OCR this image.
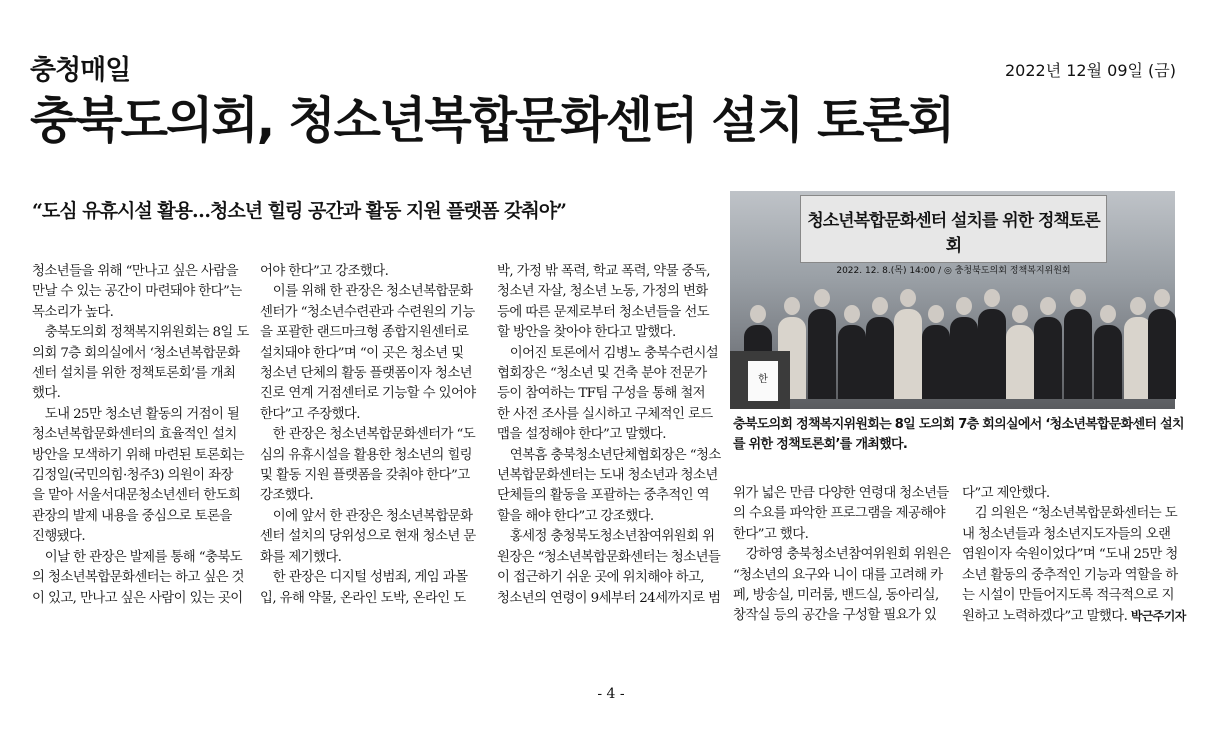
충청매일	2022년 12월 09일 (금)
충북도의회, 청소년복합문화센터 설치 토론회
“도심 유휴시설 활용…청소년 힐링 공간과 활동 지원 플랫폼 갖춰야”

청소년들을 위해 “만나고 싶은 사람을

만날 수 있는 공간이 마련돼야 한다”는

목소리가 높다.

　충북도의회 정책복지위원회는 8일 도

의회 7층 회의실에서 ‘청소년복합문화

센터 설치를 위한 정책토론회’를 개최

했다.

　도내 25만 청소년 활동의 거점이 될

청소년복합문화센터의 효율적인 설치

방안을 모색하기 위해 마련된 토론회는

김정일(국민의힘·청주3) 의원이 좌장

을 맡아 서울서대문청소년센터 한도희

관장의 발제 내용을 중심으로 토론을

진행됐다.

　이날 한 관장은 발제를 통해 “충북도

의 청소년복합문화센터는 하고 싶은 것

이 있고, 만나고 싶은 사람이 있는 곳이

어야 한다”고 강조했다.

　이를 위해 한 관장은 청소년복합문화

센터가 “청소년수련관과 수련원의 기능

을 포괄한 랜드마크형 종합지원센터로

설치돼야 한다”며 “이 곳은 청소년 및

청소년 단체의 활동 플랫폼이자 청소년

진로 연계 거점센터로 기능할 수 있어야

한다”고 주장했다.

　한 관장은 청소년복합문화센터가 “도

심의 유휴시설을 활용한 청소년의 힐링

및 활동 지원 플랫폼을 갖춰야 한다”고

강조했다.

　이에 앞서 한 관장은 청소년복합문화

센터 설치의 당위성으로 현재 청소년 문

화를 제기했다.

　한 관장은 디지털 성범죄, 게임 과몰

입, 유해 약물, 온라인 도박, 온라인 도

박, 가정 밖 폭력, 학교 폭력, 약물 중독,

청소년 자살, 청소년 노동, 가정의 변화

등에 따른 문제로부터 청소년들을 선도

할 방안을 찾아야 한다고 말했다.

　이어진 토론에서 김병노 충북수련시설

협회장은 “청소년 및 건축 분야 전문가

등이 참여하는 TF팀 구성을 통해 철저

한 사전 조사를 실시하고 구체적인 로드

맵을 설정해야 한다”고 말했다.

　연복흠 충북청소년단체협회장은 “청소

년복합문화센터는 도내 청소년과 청소년

단체들의 활동을 포괄하는 중추적인 역

할을 해야 한다”고 강조했다.

　홍세정 충청북도청소년참여위원회 위

원장은 “청소년복합문화센터는 청소년들

이 접근하기 쉬운 곳에 위치해야 하고,

청소년의 연령이 9세부터 24세까지로 범

청소년복합문화센터 설치를 위한 정책토론회
2022. 12. 8.(목) 14:00 / ◎ 충청북도의회 정책복지위원회
한

충북도의회 정책복지위원회는 8일 도의회 7층 회의실에서 ‘청소년복합문화센터 설치

를 위한 정책토론회’를 개최했다.

위가 넓은 만큼 다양한 연령대 청소년들

의 수요를 파악한 프로그램을 제공해야

한다”고 했다.

　강하영 충북청소년참여위원회 위원은

“청소년의 요구와 니이 대를 고려해 카

페, 방송실, 미러룸, 밴드실, 동아리실,

창작실 등의 공간을 구성할 필요가 있

다”고 제안했다.

　김 의원은 “청소년복합문화센터는 도

내 청소년들과 청소년지도자들의 오랜

염원이자 숙원이었다”며 “도내 25만 청

소년 활동의 중추적인 기능과 역할을 하

는 시설이 만들어지도록 적극적으로 지

원하고 노력하겠다”고 말했다. 박근주기자

- 4 -
